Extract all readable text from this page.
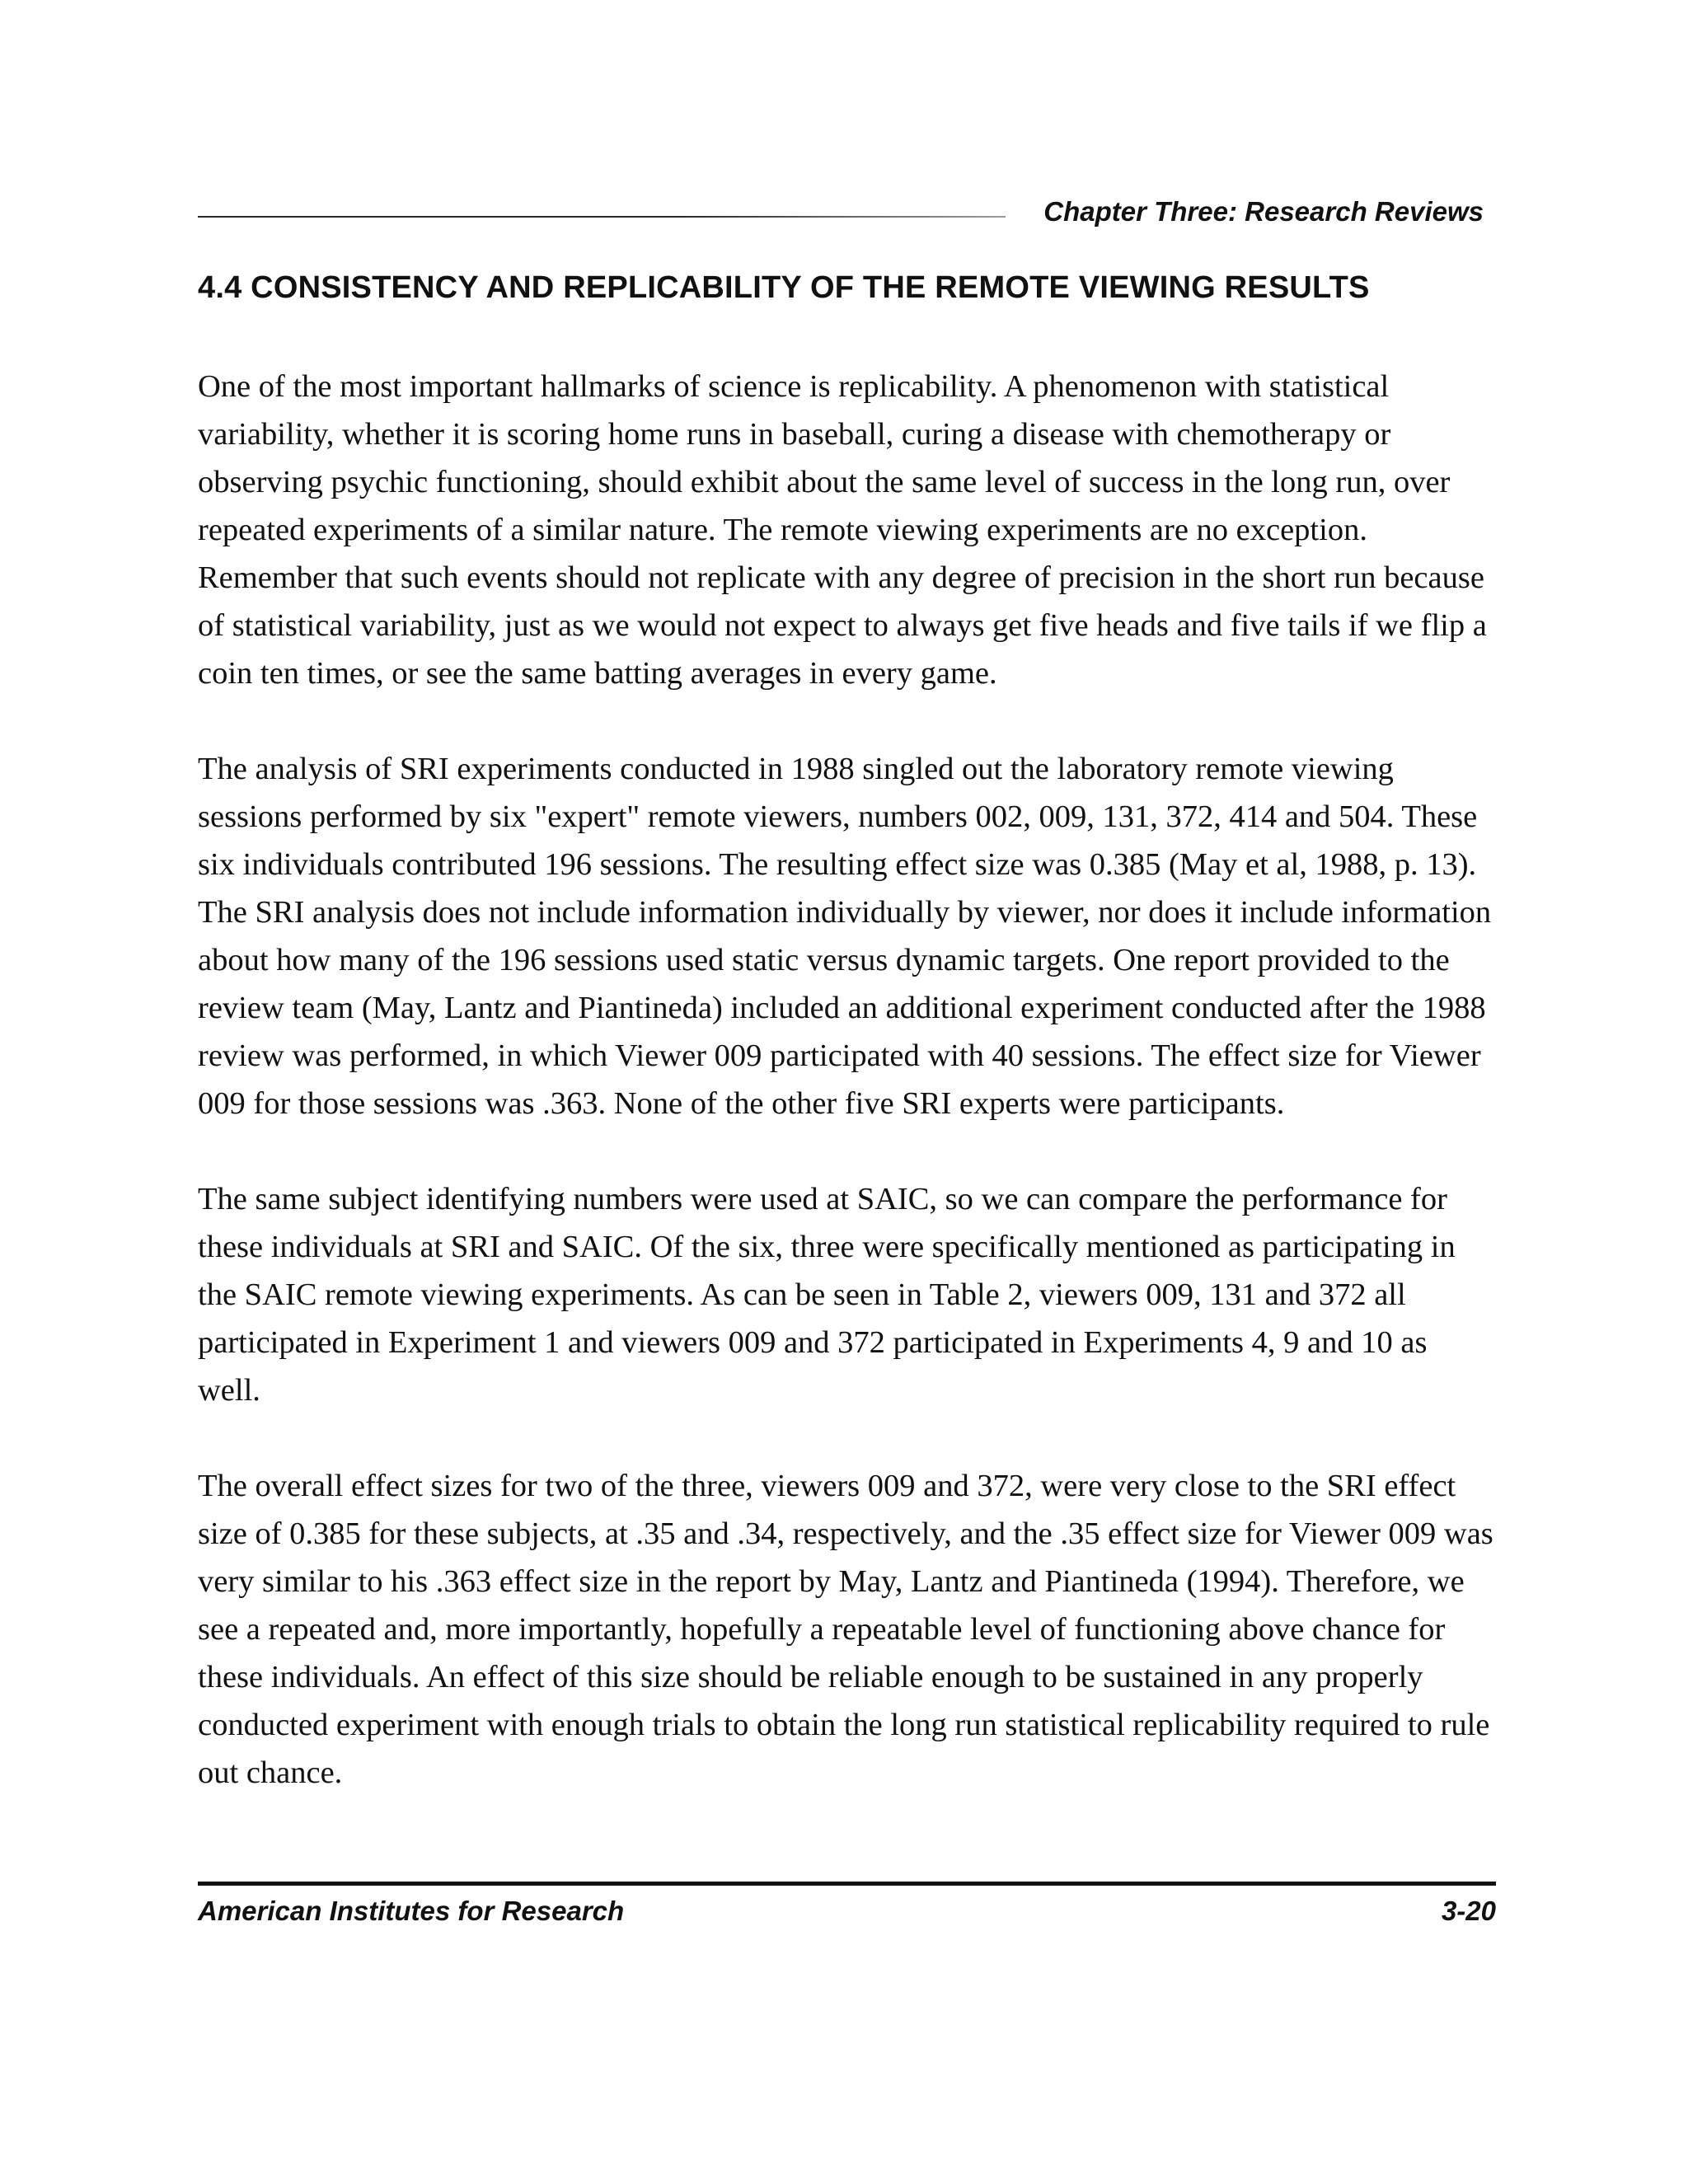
Chapter Three: Research Reviews
4.4 CONSISTENCY AND REPLICABILITY OF THE REMOTE VIEWING RESULTS

One of the most important hallmarks of science is replicability. A phenomenon with statistical variability, whether it is scoring home runs in baseball, curing a disease with chemotherapy or observing psychic functioning, should exhibit about the same level of success in the long run, over repeated experiments of a similar nature. The remote viewing experiments are no exception. Remember that such events should not replicate with any degree of precision in the short run because of statistical variability, just as we would not expect to always get five heads and five tails if we flip a coin ten times, or see the same batting averages in every game.

The analysis of SRI experiments conducted in 1988 singled out the laboratory remote viewing sessions performed by six "expert" remote viewers, numbers 002, 009, 131, 372, 414 and 504. These six individuals contributed 196 sessions. The resulting effect size was 0.385 (May et al, 1988, p. 13). The SRI analysis does not include information individually by viewer, nor does it include information about how many of the 196 sessions used static versus dynamic targets. One report provided to the review team (May, Lantz and Piantineda) included an additional experiment conducted after the 1988 review was performed, in which Viewer 009 participated with 40 sessions. The effect size for Viewer 009 for those sessions was .363. None of the other five SRI experts were participants.

The same subject identifying numbers were used at SAIC, so we can compare the performance for these individuals at SRI and SAIC. Of the six, three were specifically mentioned as participating in the SAIC remote viewing experiments. As can be seen in Table 2, viewers 009, 131 and 372 all participated in Experiment 1 and viewers 009 and 372 participated in Experiments 4, 9 and 10 as well.

The overall effect sizes for two of the three, viewers 009 and 372, were very close to the SRI effect size of 0.385 for these subjects, at .35 and .34, respectively, and the .35 effect size for Viewer 009 was very similar to his .363 effect size in the report by May, Lantz and Piantineda (1994). Therefore, we see a repeated and, more importantly, hopefully a repeatable level of functioning above chance for these individuals. An effect of this size should be reliable enough to be sustained in any properly conducted experiment with enough trials to obtain the long run statistical replicability required to rule out chance.

American Institutes for Research	3-20
